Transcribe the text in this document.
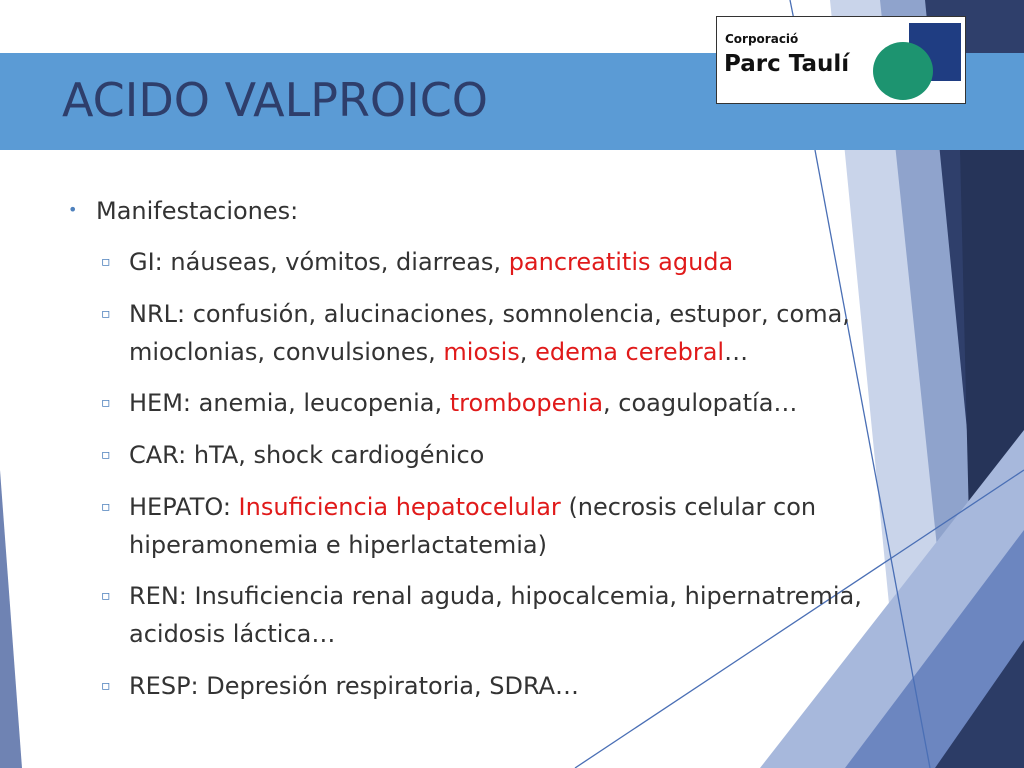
ACIDO VALPROICO
Corporació
Parc Taulí
• Manifestaciones:
▫ GI: náuseas, vómitos, diarreas, pancreatitis aguda
▫ NRL: confusión, alucinaciones, somnolencia, estupor, coma, mioclonias, convulsiones, miosis, edema cerebral…
▫ HEM: anemia, leucopenia, trombopenia, coagulopatía…
▫ CAR: hTA, shock cardiogénico
▫ HEPATO: Insuficiencia hepatocelular (necrosis celular con hiperamonemia e hiperlactatemia)
▫ REN: Insuficiencia renal aguda, hipocalcemia, hipernatremia, acidosis láctica…
▫ RESP: Depresión respiratoria, SDRA…
